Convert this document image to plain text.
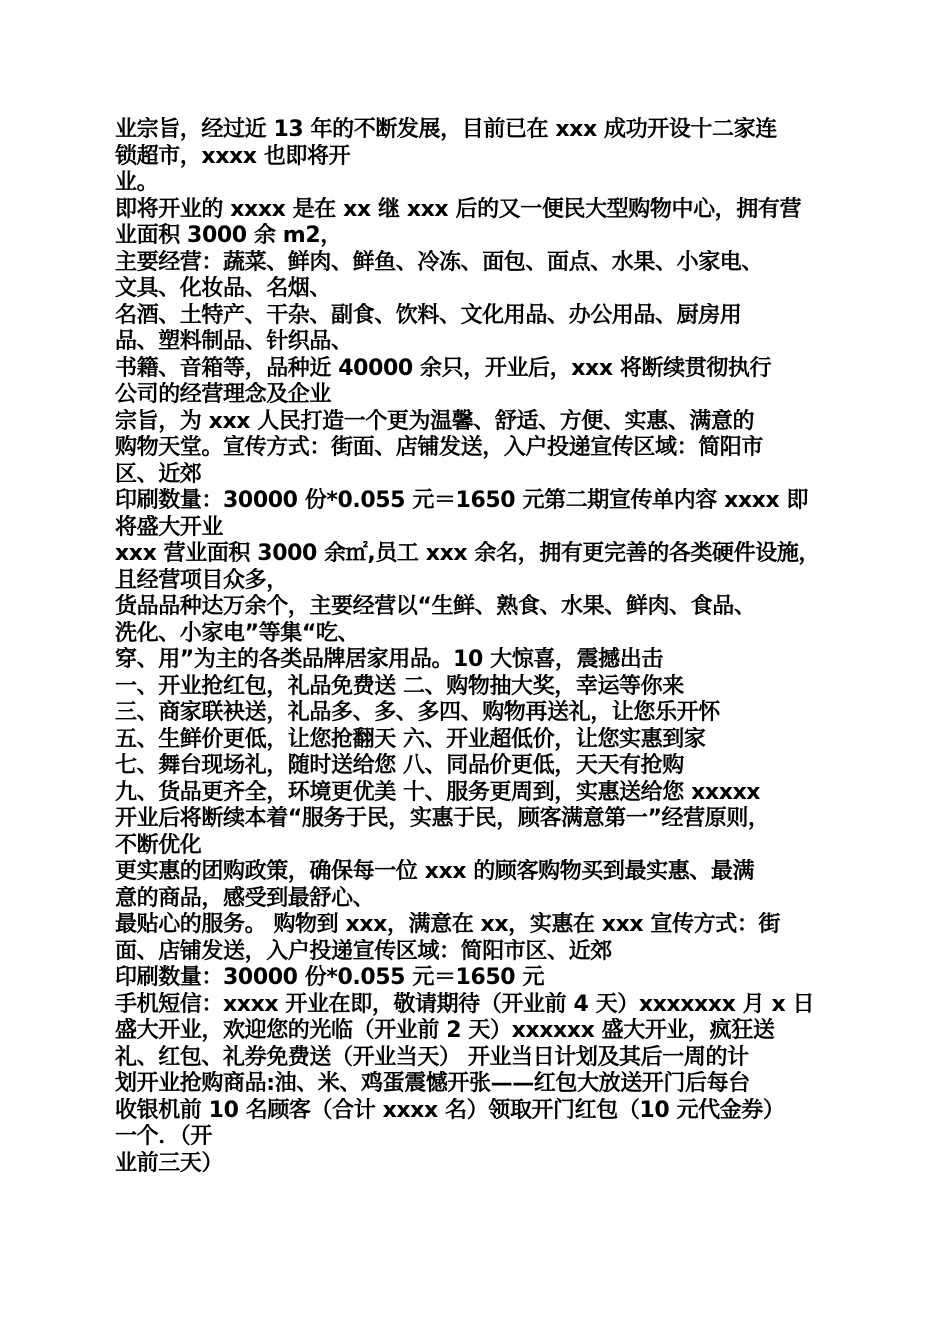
业宗旨，经过近 13 年的不断发展，目前已在 xxx 成功开设十二家连
锁超市，xxxx 也即将开
业。
即将开业的 xxxx 是在 xx 继 xxx 后的又一便民大型购物中心，拥有营
业面积 3000 余 m2，
主要经营：蔬菜、鲜肉、鲜鱼、冷冻、面包、面点、水果、小家电、
文具、化妆品、名烟、
名酒、土特产、干杂、副食、饮料、文化用品、办公用品、厨房用
品、塑料制品、针织品、
书籍、音箱等，品种近 40000 余只，开业后，xxx 将断续贯彻执行
公司的经营理念及企业
宗旨，为 xxx 人民打造一个更为温馨、舒适、方便、实惠、满意的
购物天堂。宣传方式：街面、店铺发送，入户投递宣传区域：简阳市
区、近郊
印刷数量：30000 份*0.055 元＝1650 元第二期宣传单内容 xxxx 即
将盛大开业
xxx 营业面积 3000 余㎡,员工 xxx 余名，拥有更完善的各类硬件设施，
且经营项目众多，
货品品种达万余个，主要经营以“生鲜、熟食、水果、鲜肉、食品、
洗化、小家电”等集“吃、
穿、用”为主的各类品牌居家用品。10 大惊喜，震撼出击
一、开业抢红包，礼品免费送 二、购物抽大奖，幸运等你来
三、商家联袂送，礼品多、多、多四、购物再送礼，让您乐开怀
五、生鲜价更低，让您抢翻天 六、开业超低价，让您实惠到家
七、舞台现场礼，随时送给您 八、同品价更低，天天有抢购
九、货品更齐全，环境更优美 十、服务更周到，实惠送给您 xxxxx
开业后将断续本着“服务于民，实惠于民，顾客满意第一”经营原则，
不断优化
更实惠的团购政策，确保每一位 xxx 的顾客购物买到最实惠、最满
意的商品，感受到最舒心、
最贴心的服务。 购物到 xxx，满意在 xx，实惠在 xxx 宣传方式：街
面、店铺发送，入户投递宣传区域：简阳市区、近郊
印刷数量：30000 份*0.055 元＝1650 元
手机短信：xxxx 开业在即，敬请期待（开业前 4 天）xxxxxxx 月 x 日
盛大开业，欢迎您的光临（开业前 2 天）xxxxxx 盛大开业，疯狂送
礼、红包、礼券免费送（开业当天） 开业当日计划及其后一周的计
划开业抢购商品:油、米、鸡蛋震憾开张——红包大放送开门后每台
收银机前 10 名顾客（合计 xxxx 名）领取开门红包（10 元代金券）
一个．（开
业前三天）
